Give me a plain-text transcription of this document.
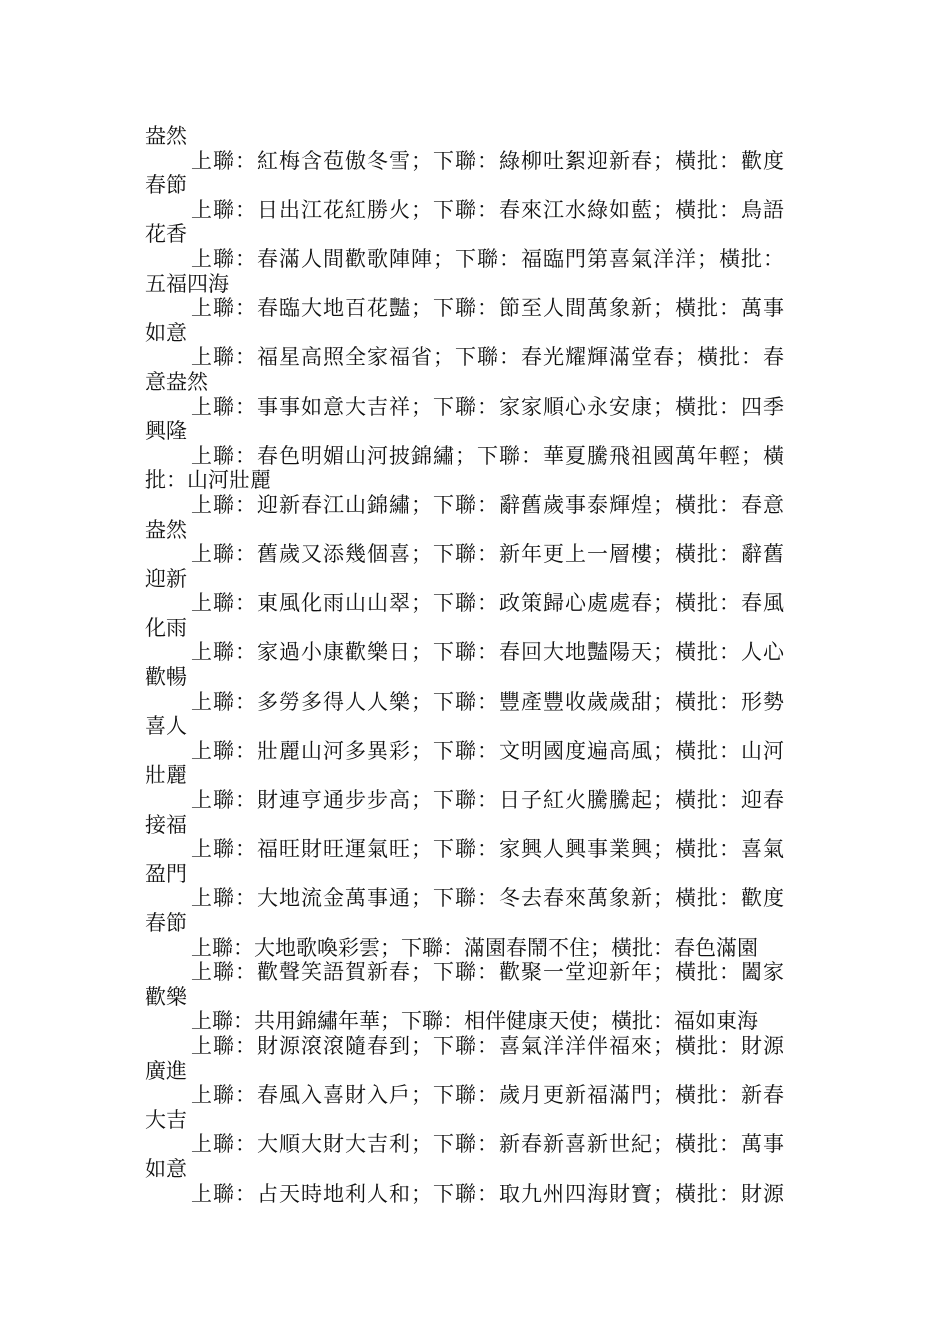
盎然
上聯：紅梅含苞傲冬雪；下聯：綠柳吐絮迎新春；橫批：歡度
春節
上聯：日出江花紅勝火；下聯：春來江水綠如藍；橫批：鳥語
花香
上聯：春滿人間歡歌陣陣；下聯：福臨門第喜氣洋洋；橫批：
五福四海
上聯：春臨大地百花豔；下聯：節至人間萬象新；橫批：萬事
如意
上聯：福星高照全家福省；下聯：春光耀輝滿堂春；橫批：春
意盎然
上聯：事事如意大吉祥；下聯：家家順心永安康；橫批：四季
興隆
上聯：春色明媚山河披錦繡；下聯：華夏騰飛祖國萬年輕；橫
批：山河壯麗
上聯：迎新春江山錦繡；下聯：辭舊歲事泰輝煌；橫批：春意
盎然
上聯：舊歲又添幾個喜；下聯：新年更上一層樓；橫批：辭舊
迎新
上聯：東風化雨山山翠；下聯：政策歸心處處春；橫批：春風
化雨
上聯：家過小康歡樂日；下聯：春回大地豔陽天；橫批：人心
歡暢
上聯：多勞多得人人樂；下聯：豐產豐收歲歲甜；橫批：形勢
喜人
上聯：壯麗山河多異彩；下聯：文明國度遍高風；橫批：山河
壯麗
上聯：財連亨通步步高；下聯：日子紅火騰騰起；橫批：迎春
接福
上聯：福旺財旺運氣旺；下聯：家興人興事業興；橫批：喜氣
盈門
上聯：大地流金萬事通；下聯：冬去春來萬象新；橫批：歡度
春節
上聯：大地歌喚彩雲；下聯：滿園春鬧不住；橫批：春色滿園
上聯：歡聲笑語賀新春；下聯：歡聚一堂迎新年；橫批：闔家
歡樂
上聯：共用錦繡年華；下聯：相伴健康天使；橫批：福如東海
上聯：財源滾滾隨春到；下聯：喜氣洋洋伴福來；橫批：財源
廣進
上聯：春風入喜財入戶；下聯：歲月更新福滿門；橫批：新春
大吉
上聯：大順大財大吉利；下聯：新春新喜新世紀；橫批：萬事
如意
上聯：占天時地利人和；下聯：取九州四海財寶；橫批：財源
